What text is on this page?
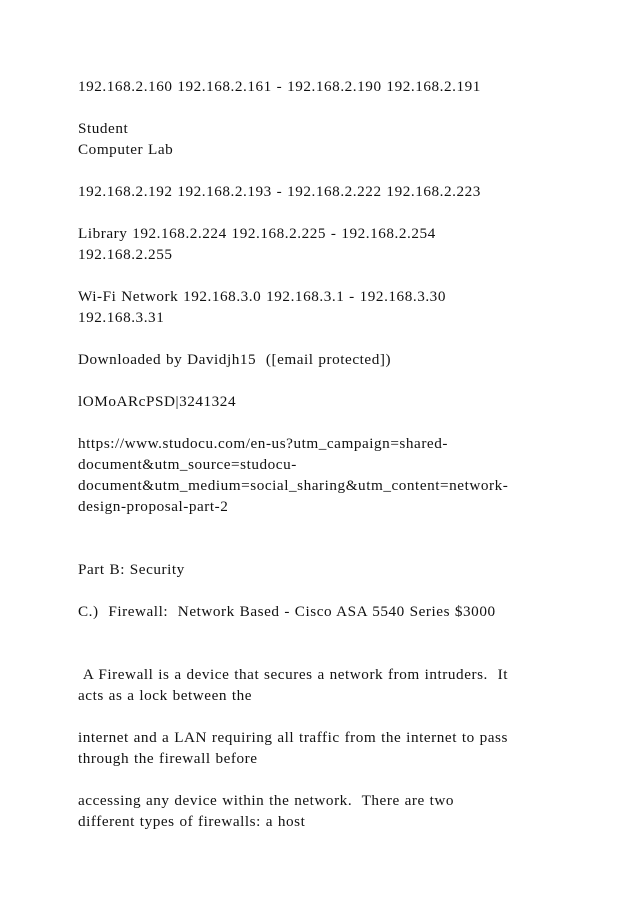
192.168.2.160 192.168.2.161 - 192.168.2.190 192.168.2.191

Student
Computer Lab

192.168.2.192 192.168.2.193 - 192.168.2.222 192.168.2.223

Library 192.168.2.224 192.168.2.225 - 192.168.2.254
192.168.2.255

Wi-Fi Network 192.168.3.0 192.168.3.1 - 192.168.3.30
192.168.3.31

Downloaded by Davidjh15  ([email protected])

lOMoARcPSD|3241324

https://www.studocu.com/en-us?utm_campaign=shared-
document&utm_source=studocu-
document&utm_medium=social_sharing&utm_content=network-
design-proposal-part-2

Part B: Security

C.)  Firewall:  Network Based - Cisco ASA 5540 Series $3000

A Firewall is a device that secures a network from intruders.  It
acts as a lock between the

internet and a LAN requiring all traffic from the internet to pass
through the firewall before

accessing any device within the network.  There are two
different types of firewalls: a host
